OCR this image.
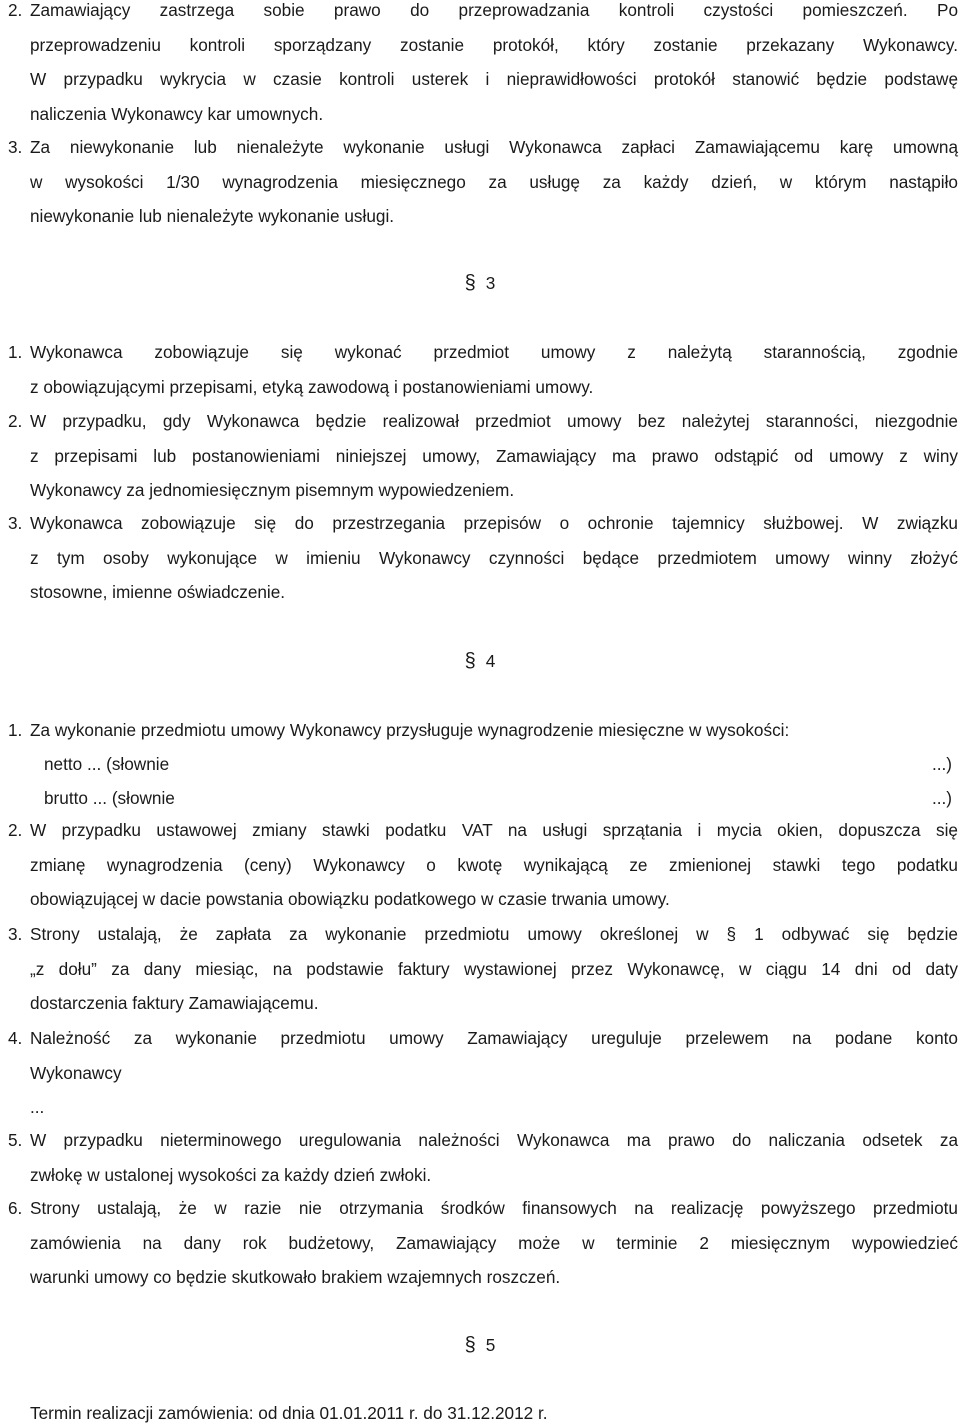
2. Zamawiający zastrzega sobie prawo do przeprowadzania kontroli czystości pomieszczeń. Po
przeprowadzeniu kontroli sporządzany zostanie protokół, który zostanie przekazany Wykonawcy.
W przypadku wykrycia w czasie kontroli usterek i nieprawidłowości protokół stanowić będzie podstawę
naliczenia Wykonawcy kar umownych.
3. Za niewykonanie lub nienależyte wykonanie usługi Wykonawca zapłaci Zamawiającemu karę umowną
w wysokości 1/30 wynagrodzenia miesięcznego za usługę za każdy dzień, w którym nastąpiło
niewykonanie lub nienależyte wykonanie usługi.
§ 3
1. Wykonawca zobowiązuje się wykonać przedmiot umowy z należytą starannością, zgodnie
z obowiązującymi przepisami, etyką zawodową i postanowieniami umowy.
2. W przypadku, gdy Wykonawca będzie realizował przedmiot umowy bez należytej staranności, niezgodnie
z przepisami lub postanowieniami niniejszej umowy, Zamawiający ma prawo odstąpić od umowy z winy
Wykonawcy za jednomiesięcznym pisemnym wypowiedzeniem.
3. Wykonawca zobowiązuje się do przestrzegania przepisów o ochronie tajemnicy służbowej. W związku
z tym osoby wykonujące w imieniu Wykonawcy czynności będące przedmiotem umowy winny złożyć
stosowne, imienne oświadczenie.
§ 4
1. Za wykonanie przedmiotu umowy Wykonawcy przysługuje wynagrodzenie miesięczne w wysokości:
netto ... (słownie	...)
brutto ... (słownie	...)
2. W przypadku ustawowej zmiany stawki podatku VAT na usługi sprzątania i mycia okien, dopuszcza się
zmianę wynagrodzenia (ceny) Wykonawcy o kwotę wynikającą ze zmienionej stawki tego podatku
obowiązującej w dacie powstania obowiązku podatkowego w czasie trwania umowy.
3. Strony ustalają, że zapłata za wykonanie przedmiotu umowy określonej w § 1 odbywać się będzie
„z dołu” za dany miesiąc, na podstawie faktury wystawionej przez Wykonawcę, w ciągu 14 dni od daty
dostarczenia faktury Zamawiającemu.
4. Należność za wykonanie przedmiotu umowy Zamawiający ureguluje przelewem na podane konto
Wykonawcy
...
5. W przypadku nieterminowego uregulowania należności Wykonawca ma prawo do naliczania odsetek za
zwłokę w ustalonej wysokości za każdy dzień zwłoki.
6. Strony ustalają, że w razie nie otrzymania środków finansowych na realizację powyższego przedmiotu
zamówienia na dany rok budżetowy, Zamawiający może w terminie 2 miesięcznym wypowiedzieć
warunki umowy co będzie skutkowało brakiem wzajemnych roszczeń.
§ 5
Termin realizacji zamówienia: od dnia 01.01.2011 r. do 31.12.2012 r.
